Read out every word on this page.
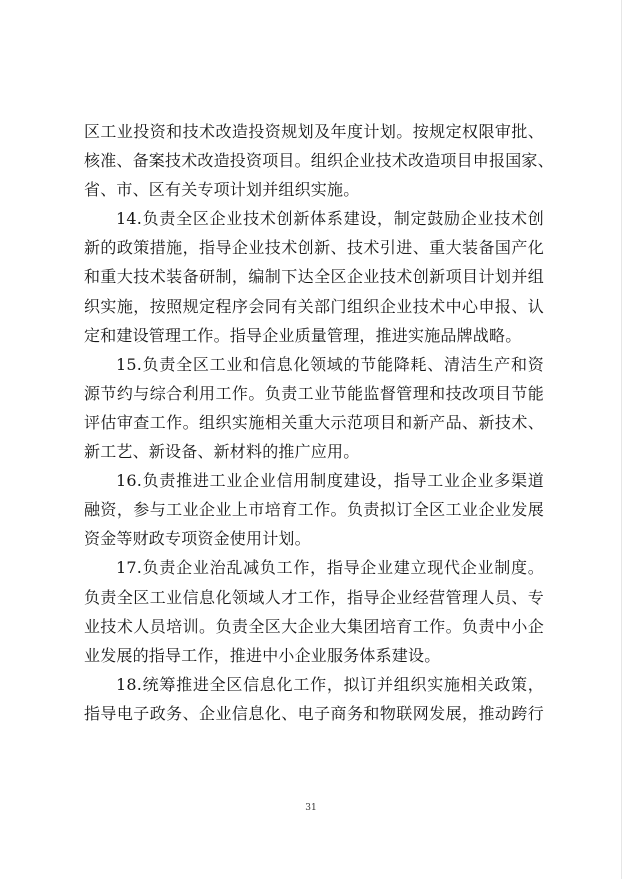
区工业投资和技术改造投资规划及年度计划。按规定权限审批、
核准、备案技术改造投资项目。组织企业技术改造项目申报国家、
省、市、区有关专项计划并组织实施。
14.负责全区企业技术创新体系建设，制定鼓励企业技术创
新的政策措施，指导企业技术创新、技术引进、重大装备国产化
和重大技术装备研制，编制下达全区企业技术创新项目计划并组
织实施，按照规定程序会同有关部门组织企业技术中心申报、认
定和建设管理工作。指导企业质量管理，推进实施品牌战略。
15.负责全区工业和信息化领域的节能降耗、清洁生产和资
源节约与综合利用工作。负责工业节能监督管理和技改项目节能
评估审查工作。组织实施相关重大示范项目和新产品、新技术、
新工艺、新设备、新材料的推广应用。
16.负责推进工业企业信用制度建设，指导工业企业多渠道
融资，参与工业企业上市培育工作。负责拟订全区工业企业发展
资金等财政专项资金使用计划。
17.负责企业治乱减负工作，指导企业建立现代企业制度。
负责全区工业信息化领域人才工作，指导企业经营管理人员、专
业技术人员培训。负责全区大企业大集团培育工作。负责中小企
业发展的指导工作，推进中小企业服务体系建设。
18.统筹推进全区信息化工作，拟订并组织实施相关政策，
指导电子政务、企业信息化、电子商务和物联网发展，推动跨行
31
